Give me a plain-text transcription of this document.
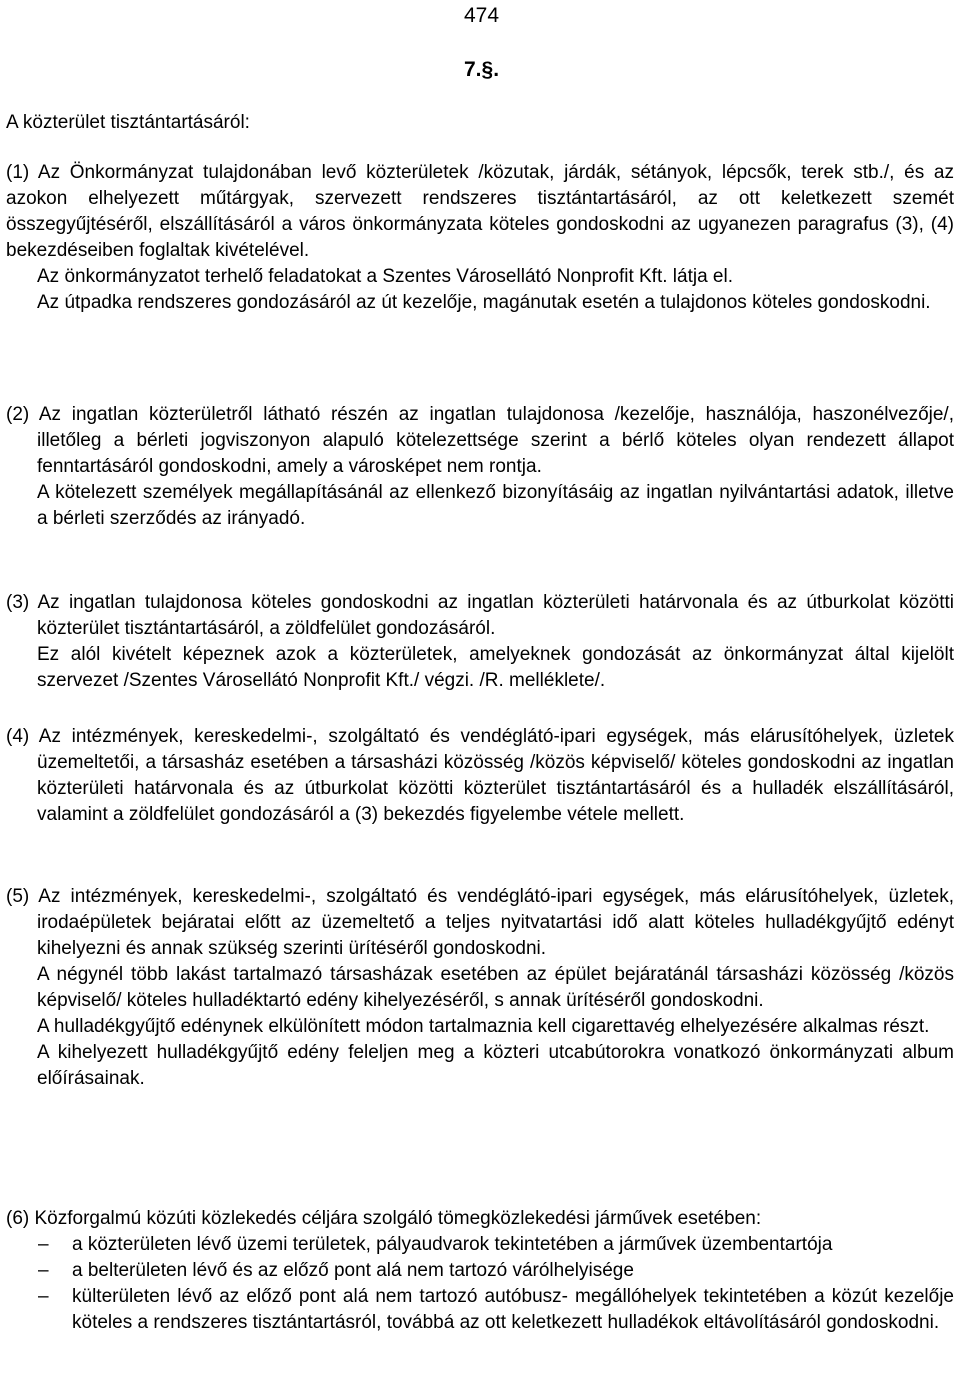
474
7.§.
A közterület tisztántartásáról:

(1) Az Önkormányzat tulajdonában levő közterületek /közutak, járdák, sétányok, lépcsők, terek stb./, és az azokon elhelyezett műtárgyak, szervezett rendszeres tisztántartásáról, az ott keletkezett szemét összegyűjtéséről, elszállításáról a város önkormányzata köteles gondoskodni az ugyanezen paragrafus (3), (4) bekezdéseiben foglaltak kivételével.

Az önkormányzatot terhelő feladatokat a Szentes Városellátó Nonprofit Kft. látja el.

Az útpadka rendszeres gondozásáról az út kezelője, magánutak esetén a tulajdonos köteles gondoskodni.

(2) Az ingatlan közterületről látható részén az ingatlan tulajdonosa /kezelője, használója, haszonélvezője/, illetőleg a bérleti jogviszonyon alapuló kötelezettsége szerint a bérlő köteles olyan rendezett állapot fenntartásáról gondoskodni, amely a városképet nem rontja.

A kötelezett személyek megállapításánál az ellenkező bizonyításáig az ingatlan nyilvántartási adatok, illetve a bérleti szerződés az irányadó.

(3) Az ingatlan tulajdonosa köteles gondoskodni az ingatlan közterületi határvonala és az útburkolat közötti közterület tisztántartásáról, a zöldfelület gondozásáról.

Ez alól kivételt képeznek azok a közterületek, amelyeknek gondozását az önkormányzat által kijelölt szervezet /Szentes Városellátó Nonprofit Kft./ végzi. /R. melléklete/.

(4) Az intézmények, kereskedelmi-, szolgáltató és vendéglátó-ipari egységek, más elárusítóhelyek, üzletek üzemeltetői, a társasház esetében a társasházi közösség /közös képviselő/ köteles gondoskodni az ingatlan közterületi határvonala és az útburkolat közötti közterület tisztántartásáról és a hulladék elszállításáról, valamint a zöldfelület gondozásáról a (3) bekezdés figyelembe vétele mellett.

(5) Az intézmények, kereskedelmi-, szolgáltató és vendéglátó-ipari egységek, más elárusítóhelyek, üzletek, irodaépületek bejáratai előtt az üzemeltető a teljes nyitvatartási idő alatt köteles hulladékgyűjtő edényt kihelyezni és annak szükség szerinti ürítéséről gondoskodni.

A négynél több lakást tartalmazó társasházak esetében az épület bejáratánál társasházi közösség /közös képviselő/ köteles hulladéktartó edény kihelyezéséről, s annak ürítéséről gondoskodni.

A hulladékgyűjtő edénynek elkülönített módon tartalmaznia kell cigarettavég elhelyezésére alkalmas részt.

A kihelyezett hulladékgyűjtő edény feleljen meg a közteri utcabútorokra vonatkozó önkormányzati album előírásainak.

(6) Közforgalmú közúti közlekedés céljára szolgáló tömegközlekedési járművek esetében:

– a közterületen lévő üzemi területek, pályaudvarok tekintetében a járművek üzembentartója
– a belterületen lévő és az előző pont alá nem tartozó várólhelyisége
– külterületen lévő az előző pont alá nem tartozó autóbusz- megállóhelyek tekintetében a közút kezelője köteles a rendszeres tisztántartásról, továbbá az ott keletkezett hulladékok eltávolításáról gondoskodni.
